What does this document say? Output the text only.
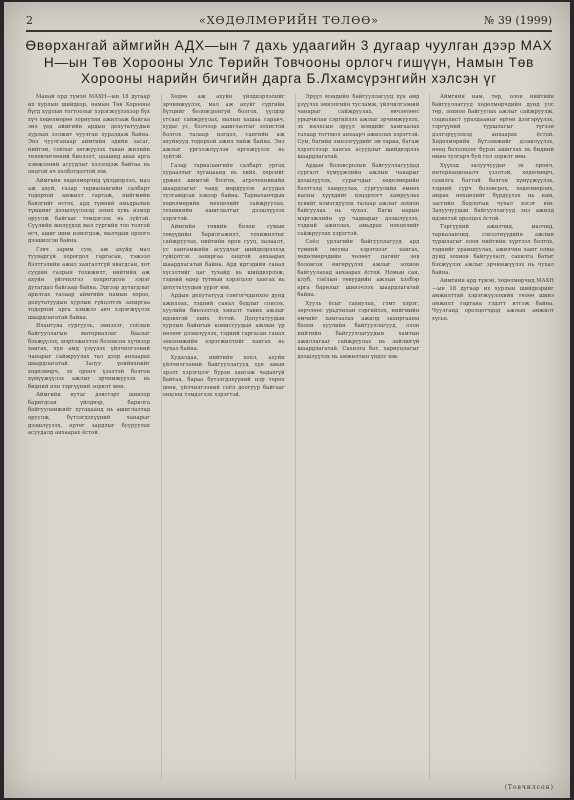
2	«ХӨДӨЛМӨРИЙН ТӨЛӨӨ»	№ 39 (1999)
Өвөрхангай аймгийн АДХ—ын 7 дахь удаагийн 3 дугаар чуулган дээр МАХ Н—ын Төв Хорооны Улс Төрийн Товчооны орлогч гишүүн, Намын Төв Хорооны нарийн бичгийн дарга Б.Лхамсүрэнгийн хэлсэн үг

Манай орд түмэн МАХН—ын 18 дугаар их хурлын шийдвэр, намын Төв Хорооны бүгд хурлын тогтоолыг хэрэгжүүлэхээр бүх хүч хөдөлмөрөө зориулан ажиллаж байгаа энэ үед аймгийн ардын депутатуудын хурлын ээлжит чуулган хуралдаж байна. Энэ чуулганаар аймгийн эдийн засаг, нийгэм, соёлыг хөгжүүлэх таван жилийн төлөвлөгөөний биелэлт, цаашид авах арга хэмжээний асуудлыг хэлэлцэж байгаа нь онцгой ач холбогдолтой юм.

Аймгийн хөдөлмөрчид үйлдвэрлэл, мал аж ахуй, газар тариалангийн салбарт тодорхой амжилт гаргаж, нийгмийн баялгийг өсгөх, ард түмний амьдралын түвшинг дээшлүүлэхэд зохих хувь нэмэр оруулж байгааг тэмдэглэх нь зүйтэй. Сүүлийн жилүүдэд мал сүргийн тоо толгой өсч, ашиг шим нэмэгдэж, малчдын орлого дээшилсэн байна.

Гэвч зарим сум, аж ахуйд мал тууваргүй хорогдол гаргасан, тэжээл бэлтгэлийн ажил хангалтгүй явагдсан, хот суурин газрын тохижилт, нийтийн аж ахуйн үйлчилгээ хоцрогдсон зэрэг дутагдал байсаар байна. Эдгээр дутагдлыг арилгах талаар аймгийн намын хороо, депутатуудын хурлын гүйцэтгэх захиргаа тодорхой арга хэмжээ авч хэрэгжүүлэх шаардлагатай байна.

Ялангуяа сургууль, эмнэлэг, соёлын байгууллагын материаллаг баазыг бэхжүүлэх, мэргэжилтэн боловсон хүчнээр хангах, хүн амд үзүүлэх үйлчилгээний чанарыг сайжруулах тал дээр анхаарах шаардлагатай. Залуу үеийнхнийг хөдөлмөрч, эх оронч үзэлтэй болгон хүмүүжүүлэх ажлыг эрчимжүүлэх нь бидний нэн тэргүүний зорилт мөн.

Аймгийн нутаг дэвсгэрт шинээр баригдсан үйлдвэр, барилга байгууламжийг хугацаанд нь ашиглалтад оруулж, бүтээгдэхүүний чанарыг дээшлүүлэх, өртөг зардлыг бууруулах асуудалд анхаарах ёстой.

Хөдөө аж ахуйн үйлдвэрлэлийг эрчимжүүлэх, мал аж ахуйг сүргийн бүтцийг боловсронгуй болгох, үүлдэр угсааг сайжруулах, малын хашаа саравч, худаг ус, бэлчээр ашиглалтыг зохистой болгох талаар нэгдэл, сангийн аж ахуйнууд тодорхой ажил хийж байна. Энэ ажлыг үргэлжлүүлэн өргөжүүлэх нь зүйтэй.

Газар тариалангийн салбарт ургац хураалтыг хугацаанд нь хийх, хөрсийг үржил шимтэй болгох, агротехникийн шаардлагыг чанд мөрдүүлэх асуудал тулгамдсан хэвээр байна. Тариаланчдын хөдөлмөрийн нөхцөлийг сайжруулах, техникийн ашиглалтыг дээшлүүлэх хэрэгтэй.

Аймгийн төвийн болон сумын төвүүдийн барилгажилт, тохижилтыг сайжруулах, нийтийн орон сууц, халаалт, ус хангамжийн асуудлыг шийдвэрлэхэд гүйцэтгэх захиргаа онцгой анхаарах шаардлагатай байна. Ард иргэдийн санал хүсэлтийг цаг тухайд нь шийдвэрлэж, тэдний өдөр тутмын хэрэгцээг хангах нь депутатуудын үүрэг юм.

Ардын депутатууд сонгогчдынхоо дунд ажиллах, тэдний санал бодлыг сонсох, хуулийн биелэлтэд хяналт тавих ажлыг идэвхтэй хийх ёстой. Депутатуудын хурлын байнгын комиссуудын ажлын үр нөлөөг дээшлүүлэх, тэдний гаргасан санал зөвлөмжийн хэрэгжилтийг хангах нь чухал байна.

Худалдаа, нийтийн хоол, ахуйн үйлчилгээний байгууллагууд хүн амын эрэлт хэрэгцээг бүрэн хангаж чадахгүй байгаа, бараа бүтээгдэхүүний нэр төрөл цөөн, үйлчилгээний соёл доогуур байгааг онцлон тэмдэглэх хэрэгтэй.

Эрүүл мэндийн байгууллагууд хүн амд үзүүлэх эмнэлгийн тусламж, үйлчилгээний чанарыг сайжруулах, өвчлөлөөс урьдчилан сэргийлэх ажлыг эрчимжүүлэх, эх нялхсын эрүүл мэндийг хамгаалах талаар тогтмол анхаарч ажиллах хэрэгтэй. Сум, багийн эмнэлгүүдийг эм тариа, багаж хэрэгслээр хангах асуудлыг шийдвэрлэх шаардлагатай.

Ардын боловсролын байгууллагуудад сургалт хүмүүжлийн ажлын чанарыг дээшлүүлэх, сурагчдыг хөдөлмөрийн бэлтгэлд хамруулах, сургуулийн өмнөх насны хүүхдийг цэцэрлэгт хамруулах хувийг нэмэгдүүлэх талаар ажлыг зохион байгуулах нь чухал. Багш нарын мэргэжлийн ур чадварыг дээшлүүлэх, тэдний ажиллах, амьдрах нөхцөлийг сайжруулах хэрэгтэй.

Соёл урлагийн байгууллагууд ард түмний оюуны хэрэгцээг хангах, хөдөлмөрчдийн чөлөөт цагийг зөв боловсон өнгөрүүлэх ажлыг зохион байгуулахад анхаарах ёстой. Номын сан, клуб, соёлын төвүүдийн ажлын хэлбэр арга барилыг шинэчлэх шаардлагатай байна.

Хууль ёсыг сахиулах, гэмт хэрэг, зөрчлөөс урьдчилан сэргийлэх, нийгмийн өмчийг хамгаалах ажилд захиргааны болон хуулийн байгууллагууд, олон нийтийн байгууллагуудын хамтын ажиллагааг сайжруулах нь зайлшгүй шаардлагатай. Сахилга бат, хариуцлагыг дээшлүүлэх нь амжилтын үндэс юм.

Аймгийн нам, төр, олон нийтийн байгууллагууд хөдөлмөрчдийн дунд улс төр, зохион байгуулах ажлыг сайжруулж, социалист уралдааныг өргөн дэлгэрүүлэх, тэргүүний туршлагыг түгээн дэлгэрүүлэхэд анхаарах ёстой. Хөдөлмөрийн бүтээмжийг дээшлүүлэх, нөөц бололцоог бүрэн ашиглах нь бидний өмнө тулгарч буй гол зорилт мөн.

Хүүхэд залуучуудыг эх оронч, интернационалч үзэлтэй, хөдөлмөрч, сахилга баттай болгон хүмүүжүүлэх, тэдний сурч боловсрох, хөдөлмөрлөх, амрах нөхцөлийг бүрдүүлэх нь нам, засгийн бодлогын чухал хэсэг юм. Залуучуудын байгууллагууд энэ ажилд идэвхтэй оролцох ёстой.

Тэргүүний ажилчид, малчид, тариаланчид, сэхээтнүүдийн ажлын туршлагыг олон нийтийн хүртээл болгох, тэднийг урамшуулах, ажилчин хамт олны дунд зохион байгуулалт, сахилга батыг бэхжүүлэх ажлыг эрчимжүүлэх нь чухал байна.

Аймгийн ард түмэн, хөдөлмөрчид МАХН—ын 18 дугаар их хурлын шийдвэрийг амжилттай хэрэгжүүлэхийн төлөө шинэ амжилт гаргана гэдэгт итгэж байна. Чуулганд оролцогчдод ажлын амжилт хүсье.

(Товчилсон)
